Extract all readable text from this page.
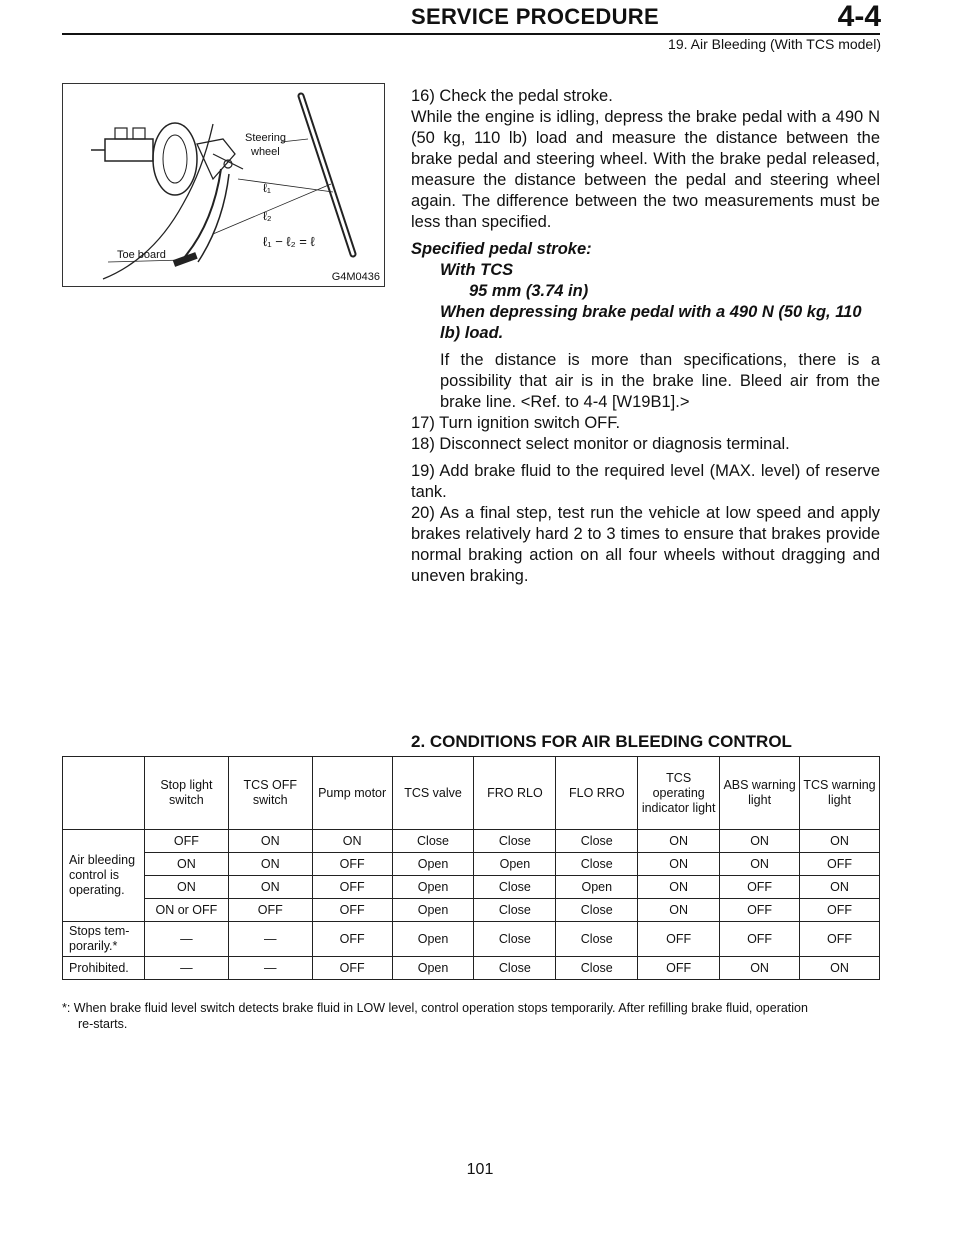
SERVICE PROCEDURE	4-4
19. Air Bleeding (With TCS model)
Steering
wheel
ℓ₁
ℓ₂
ℓ₁ − ℓ₂ = ℓ
Toe board
G4M0436

16) Check the pedal stroke.

While the engine is idling, depress the brake pedal with a 490 N (50 kg, 110 lb) load and measure the distance between the brake pedal and steering wheel. With the brake pedal released, measure the distance between the pedal and steering wheel again. The difference between the two measurements must be less than specified.

Specified pedal stroke:

With TCS

95 mm (3.74 in)

When depressing brake pedal with a 490 N (50 kg, 110 lb) load.

If the distance is more than specifications, there is a possibility that air is in the brake line. Bleed air from the brake line. <Ref. to 4-4 [W19B1].>

17) Turn ignition switch OFF.

18) Disconnect select monitor or diagnosis terminal.

19) Add brake fluid to the required level (MAX. level) of reserve tank.

20) As a final step, test run the vehicle at low speed and apply brakes relatively hard 2 to 3 times to ensure that brakes provide normal braking action on all four wheels without dragging and uneven braking.

2. CONDITIONS FOR AIR BLEEDING CONTROL
	Stop light switch	TCS OFF switch	Pump motor	TCS valve	FRO RLO	FLO RRO	TCS operating indicator light	ABS warning light	TCS warning light
Air bleeding control is operating.	OFF	ON	ON	Close	Close	Close	ON	ON	ON
	ON	ON	OFF	Open	Open	Close	ON	ON	OFF
	ON	ON	OFF	Open	Close	Open	ON	OFF	ON
	ON or OFF	OFF	OFF	Open	Close	Close	ON	OFF	OFF
Stops tem-porarily.*	—	—	OFF	Open	Close	Close	OFF	OFF	OFF
Prohibited.	—	—	OFF	Open	Close	Close	OFF	ON	ON
*: When brake fluid level switch detects brake fluid in LOW level, control operation stops temporarily. After refilling brake fluid, operation
re-starts.
101
